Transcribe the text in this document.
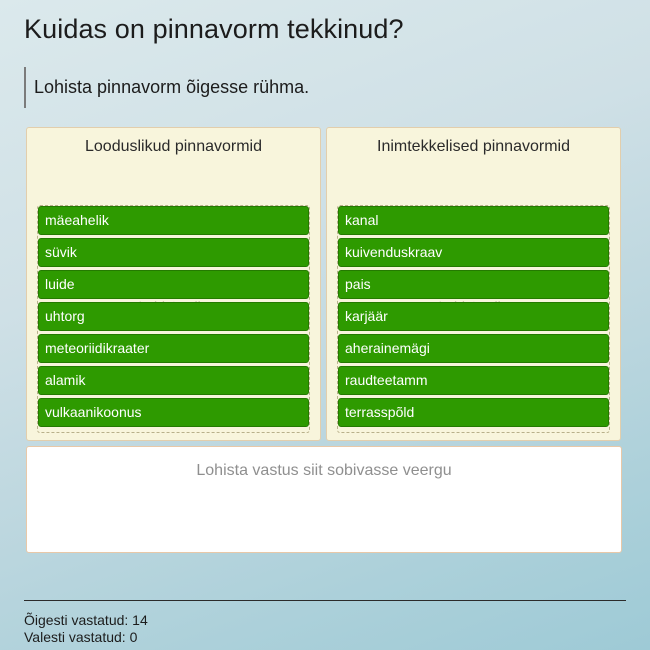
Kuidas on pinnavorm tekkinud?
Lohista pinnavorm õigesse rühma.
Looduslikud pinnavormid
mäeahelik
süvik
luide
uhtorg
meteoriidikraater
alamik
vulkaanikoonus
Inimtekkelised pinnavormid
kanal
kuivenduskraav
pais
karjäär
aherainemägi
raudteetamm
terrasspõld
Lohista vastus siit sobivasse veergu
Õigesti vastatud: 14
Valesti vastatud: 0
